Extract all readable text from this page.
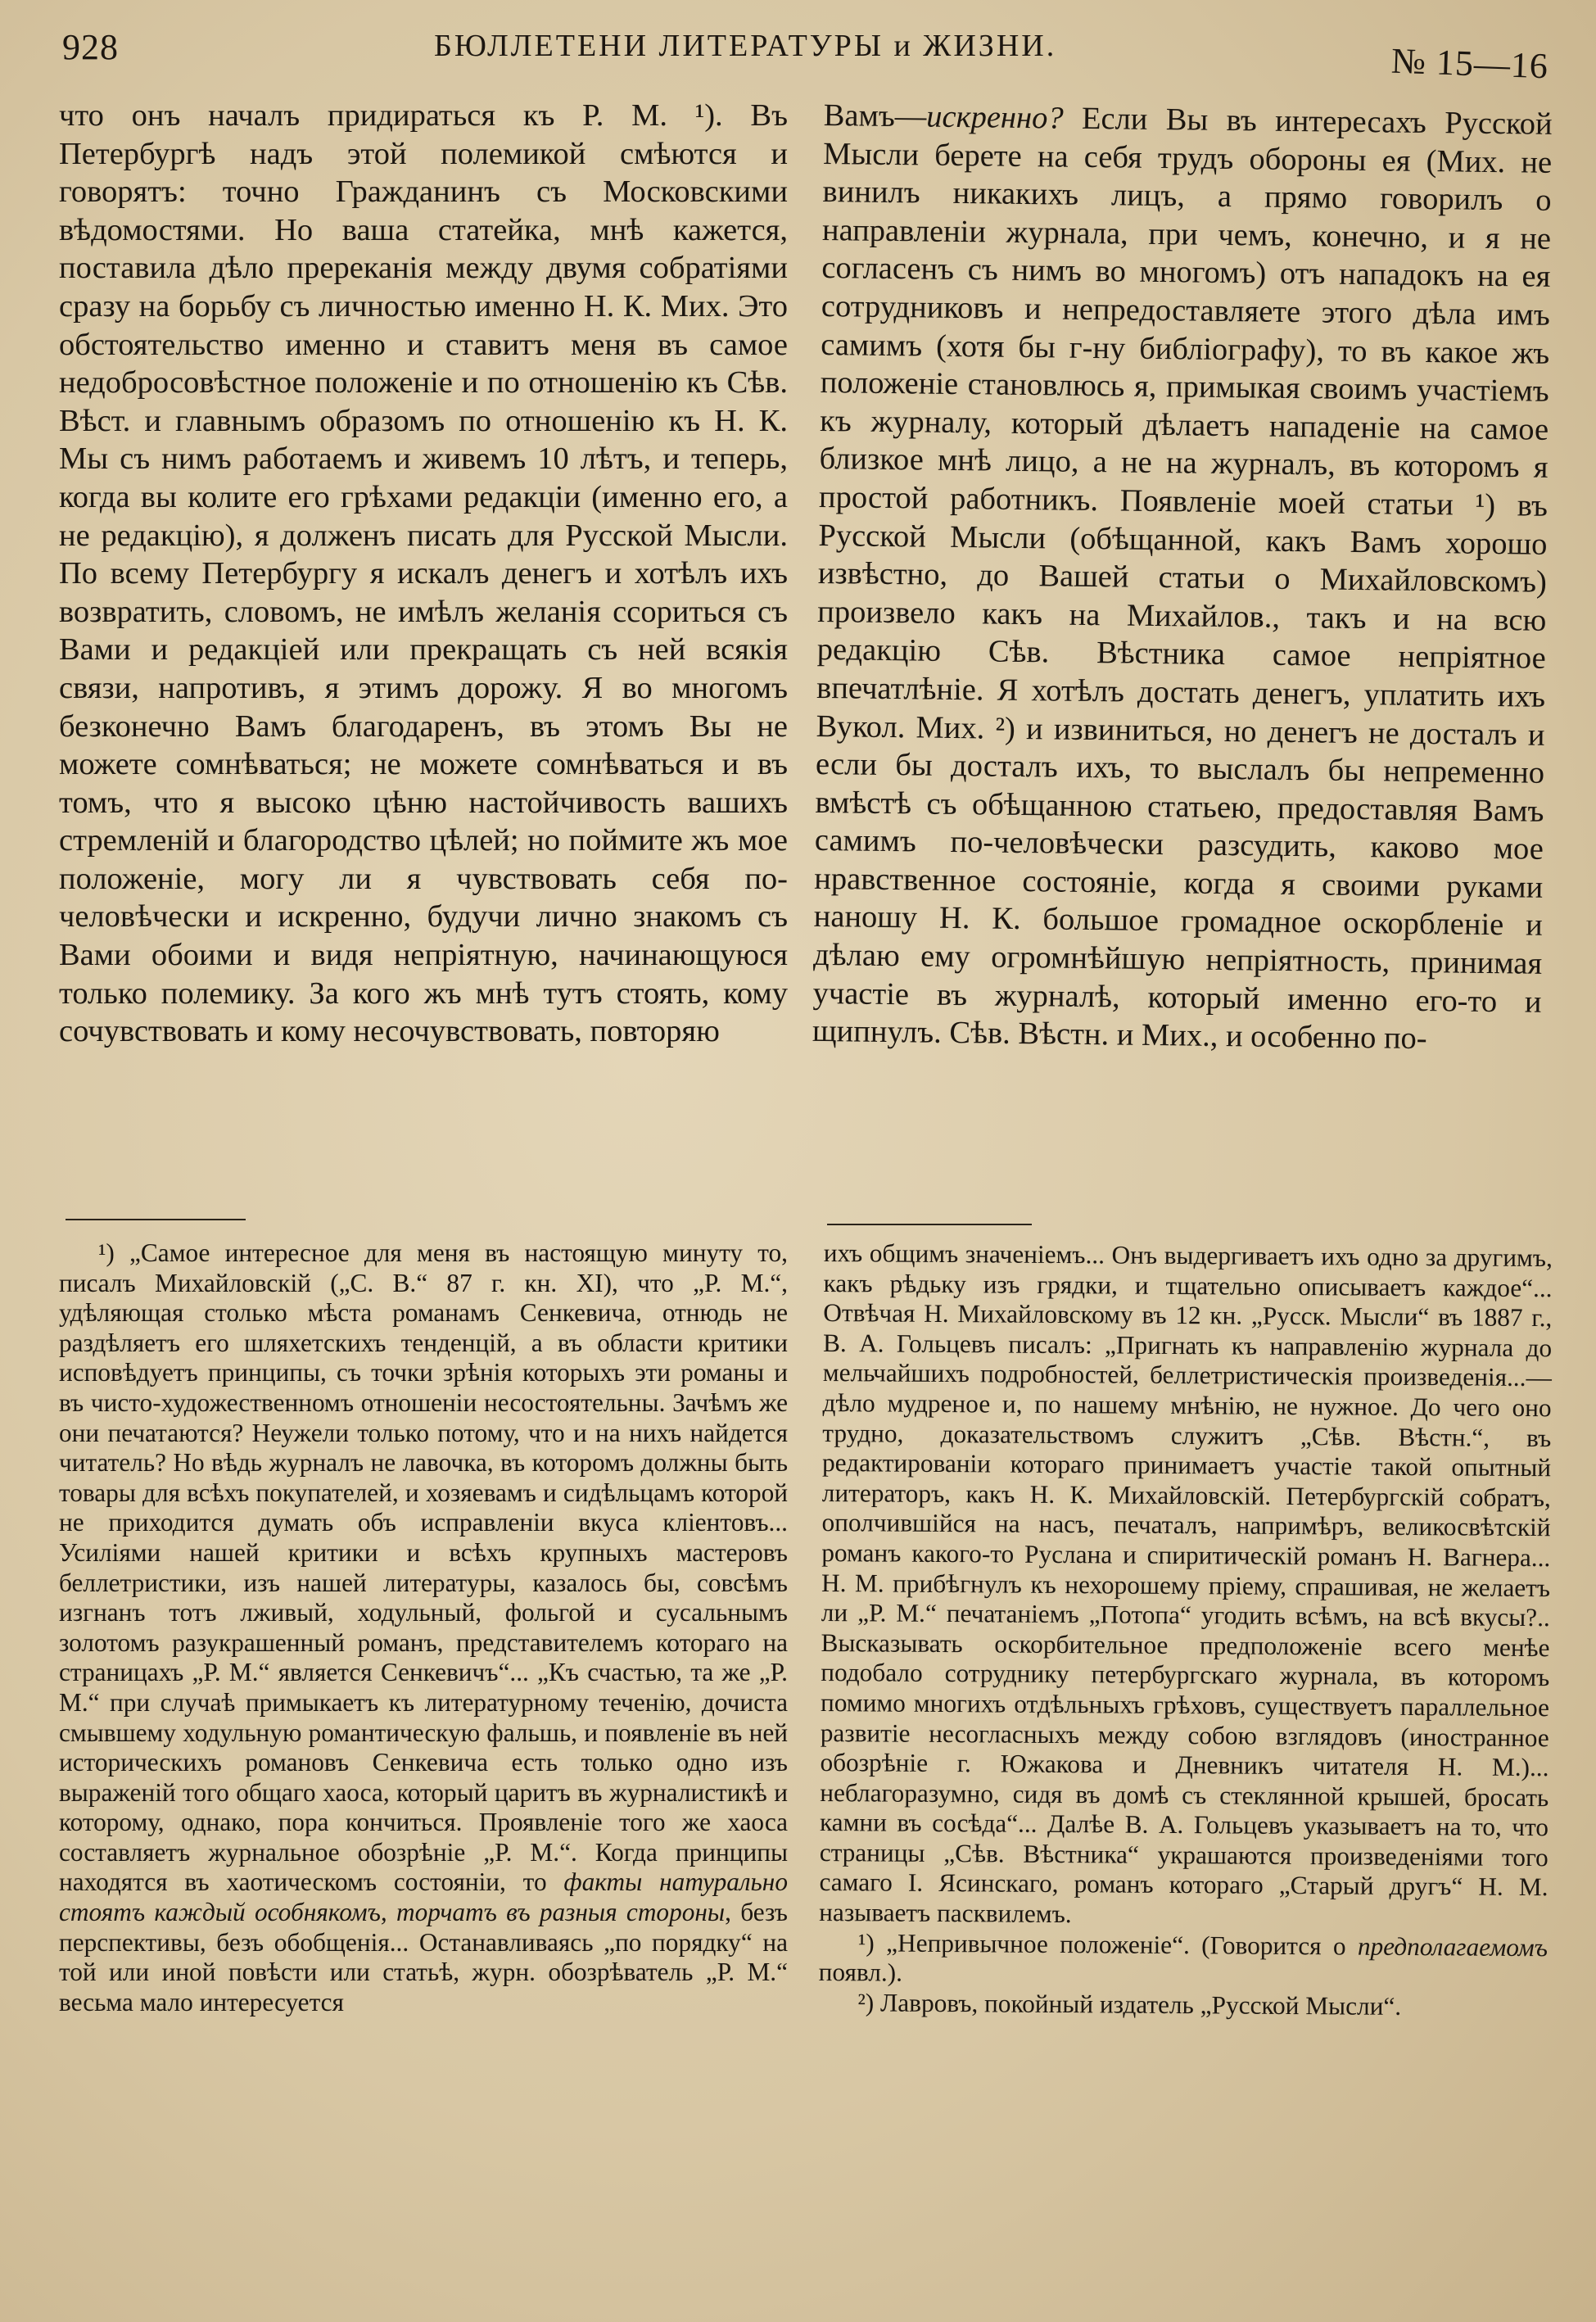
928	БЮЛЛЕТЕНИ ЛИТЕРАТУРЫ и ЖИЗНИ.	№ 15—16

что онъ началъ придираться къ Р. М. ¹). Въ Петербургѣ надъ этой полемикой смѣются и говорятъ: точно Гражданинъ съ Московскими вѣдомостями. Но ваша статейка, мнѣ кажется, поставила дѣло пререканія между двумя собратіями сразу на борьбу съ личностью именно Н. К. Мих. Это обстоятельство именно и ставитъ меня въ самое недобросовѣстное положеніе и по отношенію къ Сѣв. Вѣст. и главнымъ образомъ по отношенію къ Н. К. Мы съ нимъ работаемъ и живемъ 10 лѣтъ, и теперь, когда вы колите его грѣхами редакціи (именно его, а не редакцію), я долженъ писать для Русской Мысли. По всему Петербургу я искалъ денегъ и хотѣлъ ихъ возвратить, словомъ, не имѣлъ желанія ссориться съ Вами и редакціей или прекращать съ ней всякія связи, напротивъ, я этимъ дорожу. Я во многомъ безконечно Вамъ благодаренъ, въ этомъ Вы не можете сомнѣваться; не можете сомнѣваться и въ томъ, что я высоко цѣню настойчивость вашихъ стремленій и благородство цѣлей; но поймите жъ мое положеніе, могу ли я чувствовать себя по-человѣчески и искренно, будучи лично знакомъ съ Вами обоими и видя непріятную, начинающуюся только полемику. За кого жъ мнѣ тутъ стоять, кому сочувствовать и кому несочувствовать, повторяю

Вамъ—искренно? Если Вы въ интересахъ Русской Мысли берете на себя трудъ обороны ея (Мих. не винилъ никакихъ лицъ, а прямо говорилъ о направленіи журнала, при чемъ, конечно, и я не согласенъ съ нимъ во многомъ) отъ нападокъ на ея сотрудниковъ и непредоставляете этого дѣла имъ самимъ (хотя бы г-ну библіографу), то въ какое жъ положеніе становлюсь я, примыкая своимъ участіемъ къ журналу, который дѣлаетъ нападеніе на самое близкое мнѣ лицо, а не на журналъ, въ которомъ я простой работникъ. Появленіе моей статьи ¹) въ Русской Мысли (обѣщанной, какъ Вамъ хорошо извѣстно, до Вашей статьи о Михайловскомъ) произвело какъ на Михайлов., такъ и на всю редакцію Сѣв. Вѣстника самое непріятное впечатлѣніе. Я хотѣлъ достать денегъ, уплатить ихъ Вукол. Мих. ²) и извиниться, но денегъ не досталъ и если бы досталъ ихъ, то выслалъ бы непременно вмѣстѣ съ обѣщанною статьею, предоставляя Вамъ самимъ по-человѣчески разсудить, каково мое нравственное состояніе, когда я своими руками наношу Н. К. большое громадное оскорбленіе и дѣлаю ему огромнѣйшую непріятность, принимая участіе въ журналѣ, который именно его-то и щипнулъ. Сѣв. Вѣстн. и Мих., и особенно по-

¹) „Самое интересное для меня въ настоящую минуту то, писалъ Михайловскій („С. В.“ 87 г. кн. XI), что „Р. М.“, удѣляющая столько мѣста романамъ Сенкевича, отнюдь не раздѣляетъ его шляхетскихъ тенденцій, а въ области критики исповѣдуетъ принципы, съ точки зрѣнія которыхъ эти романы и въ чисто-художественномъ отношеніи несостоятельны. Зачѣмъ же они печатаются? Неужели только потому, что и на нихъ найдется читатель? Но вѣдь журналъ не лавочка, въ которомъ должны быть товары для всѣхъ покупателей, и хозяевамъ и сидѣльцамъ которой не приходится думать объ исправленіи вкуса кліентовъ... Усиліями нашей критики и всѣхъ крупныхъ мастеровъ беллетристики, изъ нашей литературы, казалось бы, совсѣмъ изгнанъ тотъ лживый, ходульный, фольгой и сусальнымъ золотомъ разукрашенный романъ, представителемъ котораго на страницахъ „Р. М.“ является Сенкевичъ“... „Къ счастью, та же „Р. М.“ при случаѣ примыкаетъ къ литературному теченію, дочиста смывшему ходульную романтическую фальшь, и появленіе въ ней историческихъ романовъ Сенкевича есть только одно изъ выраженій того общаго хаоса, который царитъ въ журналистикѣ и которому, однако, пора кончиться. Проявленіе того же хаоса составляетъ журнальное обозрѣніе „Р. М.“. Когда принципы находятся въ хаотическомъ состояніи, то факты натурально стоятъ каждый особнякомъ, торчатъ въ разныя стороны, безъ перспективы, безъ обобщенія... Останавливаясь „по порядку“ на той или иной повѣсти или статьѣ, журн. обозрѣватель „Р. М.“ весьма мало интересуется

ихъ общимъ значеніемъ... Онъ выдергиваетъ ихъ одно за другимъ, какъ рѣдьку изъ грядки, и тщательно описываетъ каждое“... Отвѣчая Н. Михайловскому въ 12 кн. „Русск. Мысли“ въ 1887 г., В. А. Гольцевъ писалъ: „Пригнать къ направленію журнала до мельчайшихъ подробностей, беллетристическія произведенія...— дѣло мудреное и, по нашему мнѣнію, не нужное. До чего оно трудно, доказательствомъ служитъ „Сѣв. Вѣстн.“, въ редактированіи котораго принимаетъ участіе такой опытный литераторъ, какъ Н. К. Михайловскій. Петербургскій собратъ, ополчившійся на насъ, печаталъ, напримѣръ, великосвѣтскій романъ какого-то Руслана и спиритическій романъ Н. Вагнера... Н. М. прибѣгнулъ къ нехорошему пріему, спрашивая, не желаетъ ли „Р. М.“ печатаніемъ „Потопа“ угодить всѣмъ, на всѣ вкусы?.. Высказывать оскорбительное предположеніе всего менѣе подобало сотруднику петербургскаго журнала, въ которомъ помимо многихъ отдѣльныхъ грѣховъ, существуетъ параллельное развитіе несогласныхъ между собою взглядовъ (иностранное обозрѣніе г. Южакова и Дневникъ читателя Н. М.)... неблагоразумно, сидя въ домѣ съ стеклянной крышей, бросать камни въ сосѣда“... Далѣе В. А. Гольцевъ указываетъ на то, что страницы „Сѣв. Вѣстника“ украшаются произведеніями того самаго I. Ясинскаго, романъ котораго „Старый другъ“ Н. М. называетъ пасквилемъ.

¹) „Непривычное положеніе“. (Говорится о предполагаемомъ появл.).

²) Лавровъ, покойный издатель „Русской Мысли“.
